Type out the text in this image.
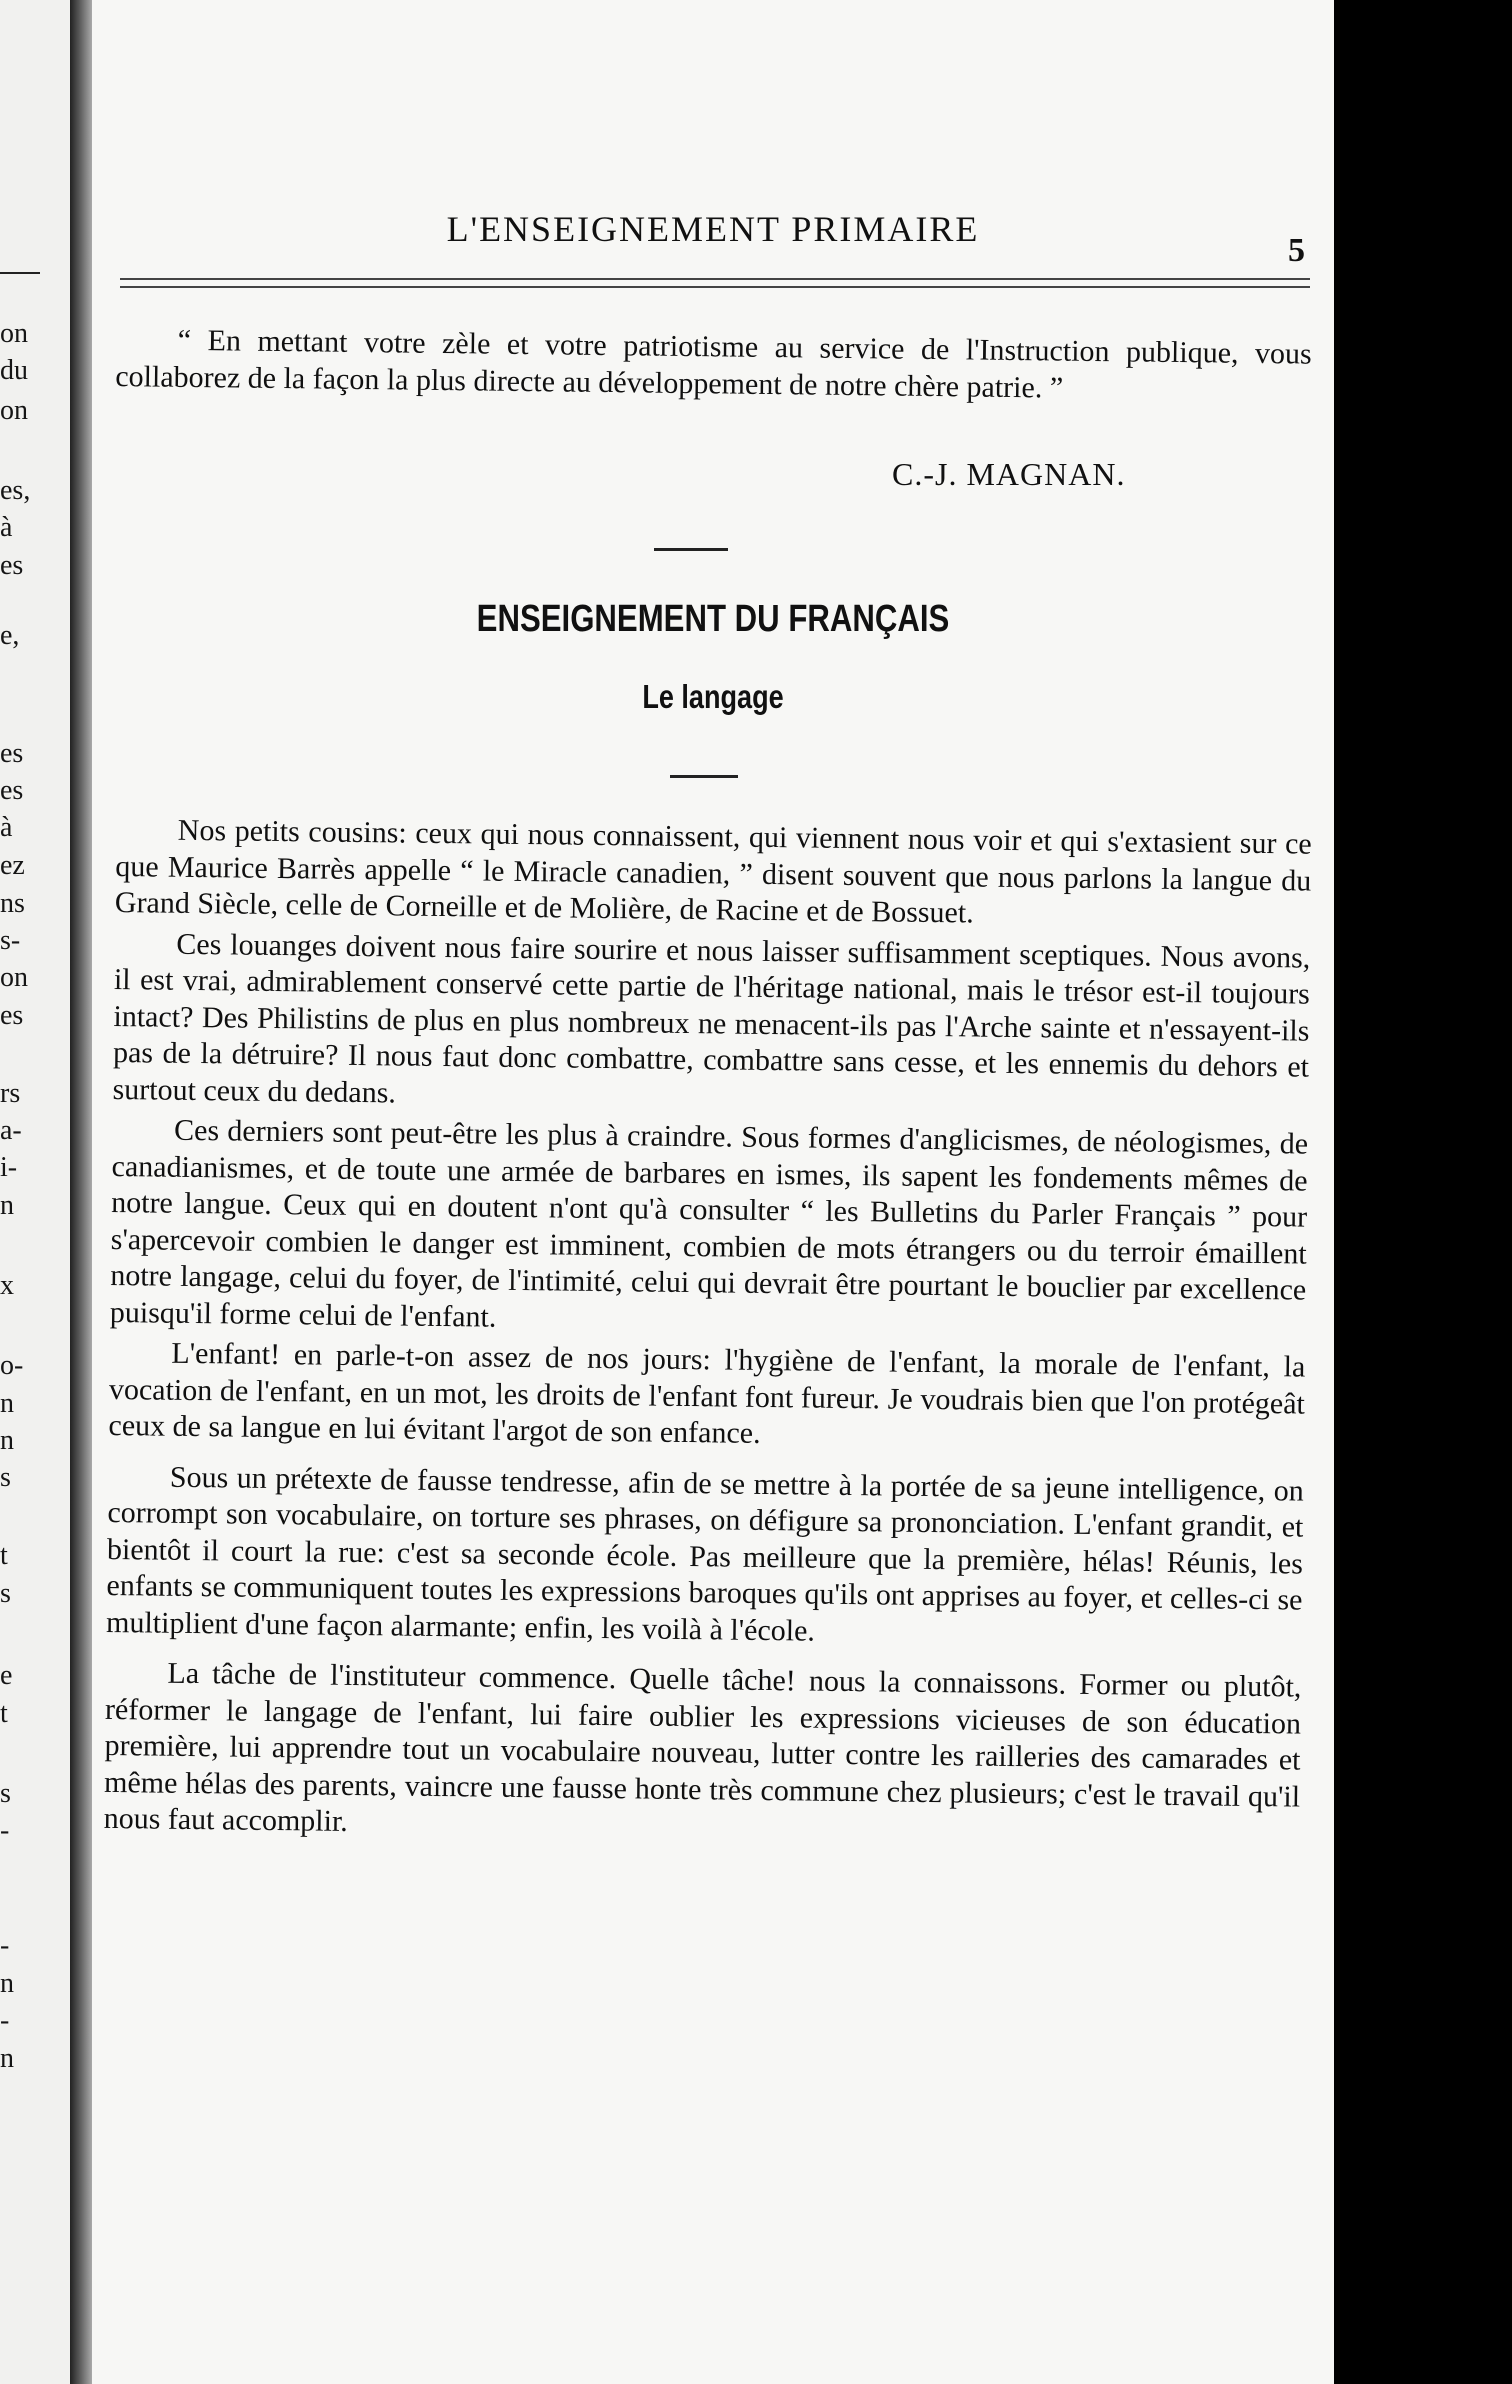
on
du
on
es,
à
es
e,
es
es
à
ez
ns
s-
on
es
rs
a-
i-
n
x
o-
n
n
s
t
s
e
t
s
-
-
n
-
n
L'ENSEIGNEMENT PRIMAIRE
5

“ En mettant votre zèle et votre patriotisme au service de l'Instruction publique, vous collaborez de la façon la plus directe au développement de notre chère patrie. ”

C.-J. MAGNAN.
ENSEIGNEMENT DU FRANÇAIS
Le langage

Nos petits cousins: ceux qui nous connaissent, qui viennent nous voir et qui s'extasient sur ce que Maurice Barrès appelle “ le Miracle canadien, ” disent souvent que nous parlons la langue du Grand Siècle, celle de Corneille et de Molière, de Racine et de Bossuet.

Ces louanges doivent nous faire sourire et nous laisser suffisamment sceptiques. Nous avons, il est vrai, admirablement conservé cette partie de l'héritage national, mais le trésor est-il toujours intact? Des Philistins de plus en plus nombreux ne menacent-ils pas l'Arche sainte et n'essayent-ils pas de la détruire? Il nous faut donc combattre, combattre sans cesse, et les ennemis du dehors et surtout ceux du dedans.

Ces derniers sont peut-être les plus à craindre. Sous formes d'anglicismes, de néologismes, de canadianismes, et de toute une armée de barbares en ismes, ils sapent les fondements mêmes de notre langue. Ceux qui en doutent n'ont qu'à consulter “ les Bulletins du Parler Français ” pour s'apercevoir combien le danger est imminent, combien de mots étrangers ou du terroir émaillent notre langage, celui du foyer, de l'intimité, celui qui devrait être pourtant le bouclier par excellence puisqu'il forme celui de l'enfant.

L'enfant! en parle-t-on assez de nos jours: l'hygiène de l'enfant, la morale de l'enfant, la vocation de l'enfant, en un mot, les droits de l'enfant font fureur. Je voudrais bien que l'on protégeât ceux de sa langue en lui évitant l'argot de son enfance.

Sous un prétexte de fausse tendresse, afin de se mettre à la portée de sa jeune intelligence, on corrompt son vocabulaire, on torture ses phrases, on défigure sa prononciation. L'enfant grandit, et bientôt il court la rue: c'est sa seconde école. Pas meilleure que la première, hélas! Réunis, les enfants se communiquent toutes les expressions baroques qu'ils ont apprises au foyer, et celles-ci se multiplient d'une façon alarmante; enfin, les voilà à l'école.

La tâche de l'instituteur commence. Quelle tâche! nous la connaissons. Former ou plutôt, réformer le langage de l'enfant, lui faire oublier les expressions vicieuses de son éducation première, lui apprendre tout un vocabulaire nouveau, lutter contre les railleries des camarades et même hélas des parents, vaincre une fausse honte très commune chez plusieurs; c'est le travail qu'il nous faut accomplir.
